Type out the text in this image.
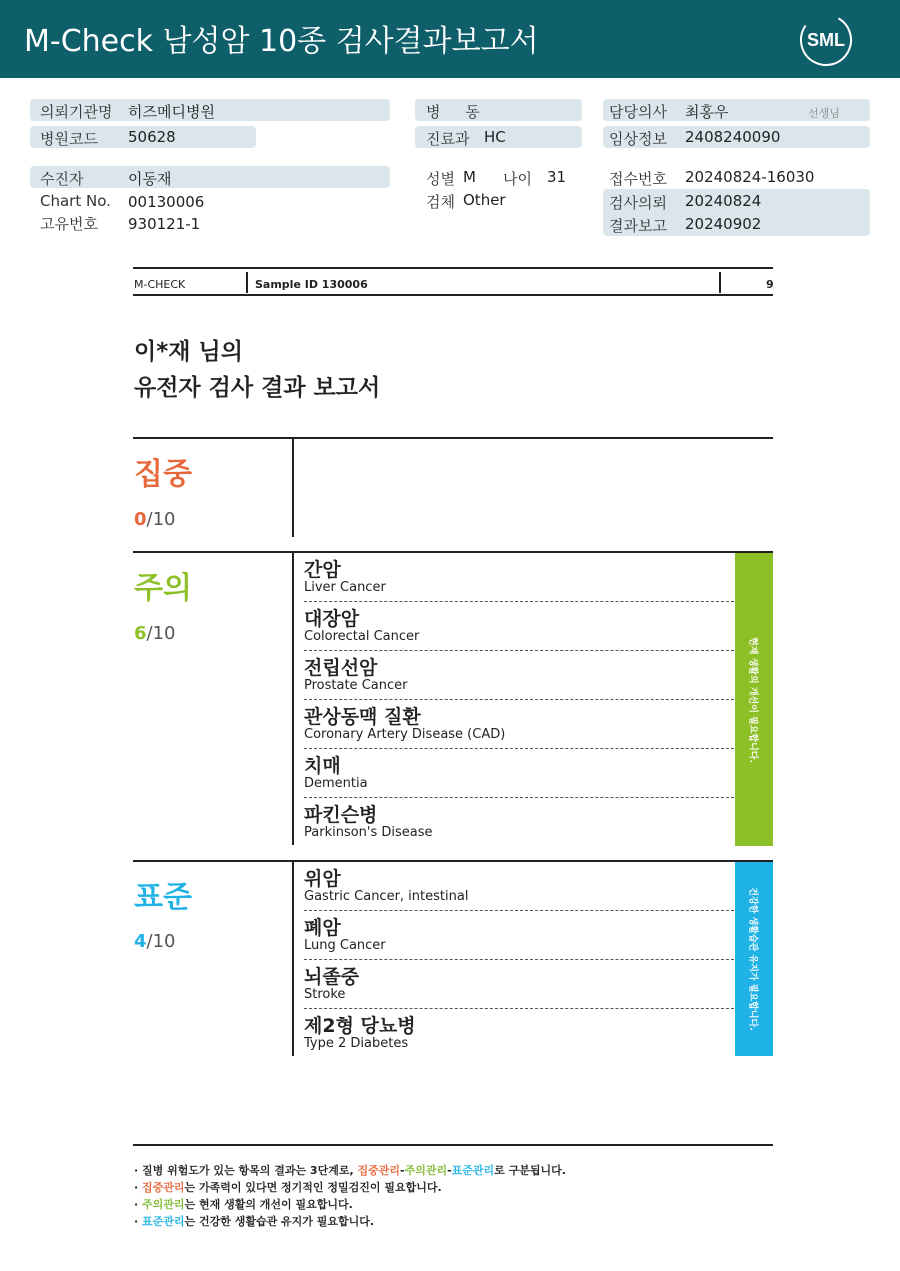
M-Check 남성암 10종 검사결과보고서	SML
의뢰기관명 히즈메디병원
병원코드 50628
병 동
진료과 HC
담당의사 최홍우	선생님
임상정보 2408240090
수진자	이동재
Chart No. 00130006
고유번호 930121-1
성별 M 나이 31
검체 Other
접수번호 20240824-16030
검사의뢰 20240824
결과보고 20240902
M-CHECK	Sample ID 130006	9
이*재 님의
유전자 검사 결과 보고서
집중
0/10
주의
6/10
간암
Liver Cancer
대장암
Colorectal Cancer
전립선암
Prostate Cancer
관상동맥 질환
Coronary Artery Disease (CAD)
치매
Dementia
파킨슨병
Parkinson's Disease
현재 생활의 개선이 필요합니다.
표준
4/10
위암
Gastric Cancer, intestinal
폐암
Lung Cancer
뇌졸중
Stroke
제2형 당뇨병
Type 2 Diabetes
건강한 생활습관 유지가 필요합니다.
· 질병 위험도가 있는 항목의 결과는 3단계로, 집중관리-주의관리-표준관리로 구분됩니다.
· 집중관리는 가족력이 있다면 정기적인 정밀검진이 필요합니다.
· 주의관리는 현재 생활의 개선이 필요합니다.
· 표준관리는 건강한 생활습관 유지가 필요합니다.
